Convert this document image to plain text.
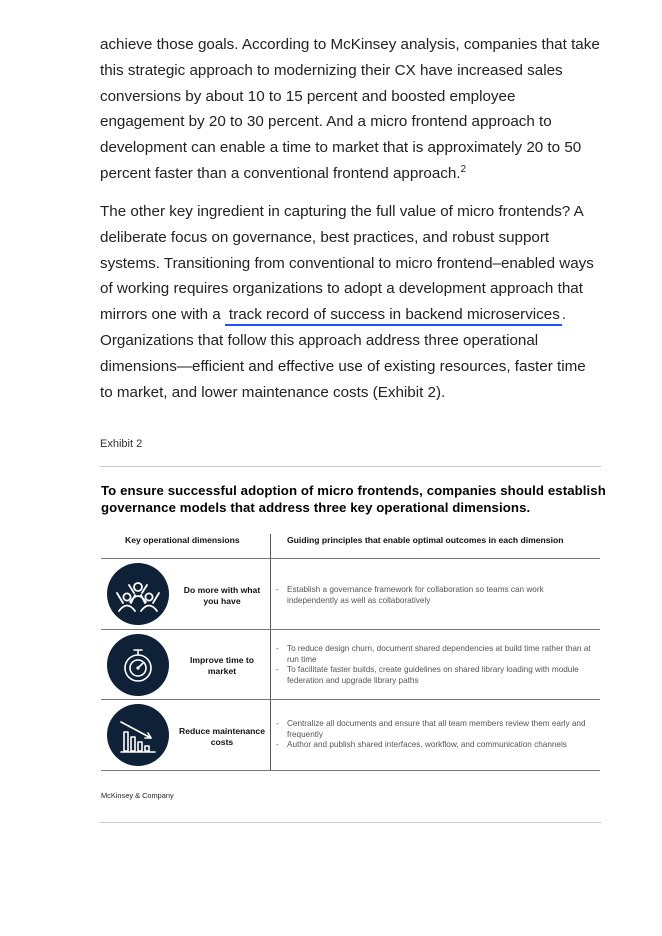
achieve those goals. According to McKinsey analysis, companies that take this strategic approach to modernizing their CX have increased sales conversions by about 10 to 15 percent and boosted employee engagement by 20 to 30 percent. And a micro frontend approach to development can enable a time to market that is approximately 20 to 50 percent faster than a conventional frontend approach.$^2$

The other key ingredient in capturing the full value of micro frontends? A deliberate focus on governance, best practices, and robust support systems. Transitioning from conventional to micro frontend–enabled ways of working requires organizations to adopt a development approach that mirrors one with a track record of success in backend microservices . Organizations that follow this approach address three operational dimensions—efficient and effective use of existing resources, faster time to market, and lower maintenance costs (Exhibit 2).

Exhibit 2
To ensure successful adoption of micro frontends, companies should establish governance models that address three key operational dimensions.
Key operational dimensions	Guiding principles that enable optimal outcomes in each dimension
Do more with what you have
- Establish a governance framework for collaboration so teams can work independently as well as collaboratively
Improve time to market
- To reduce design churn, document shared dependencies at build time rather than at run time
- To facilitate faster builds, create guidelines on shared library loading with module federation and upgrade library paths
Reduce maintenance costs
- Centralize all documents and ensure that all team members review them early and frequently
- Author and publish shared interfaces, workflow, and communication channels
McKinsey & Company
